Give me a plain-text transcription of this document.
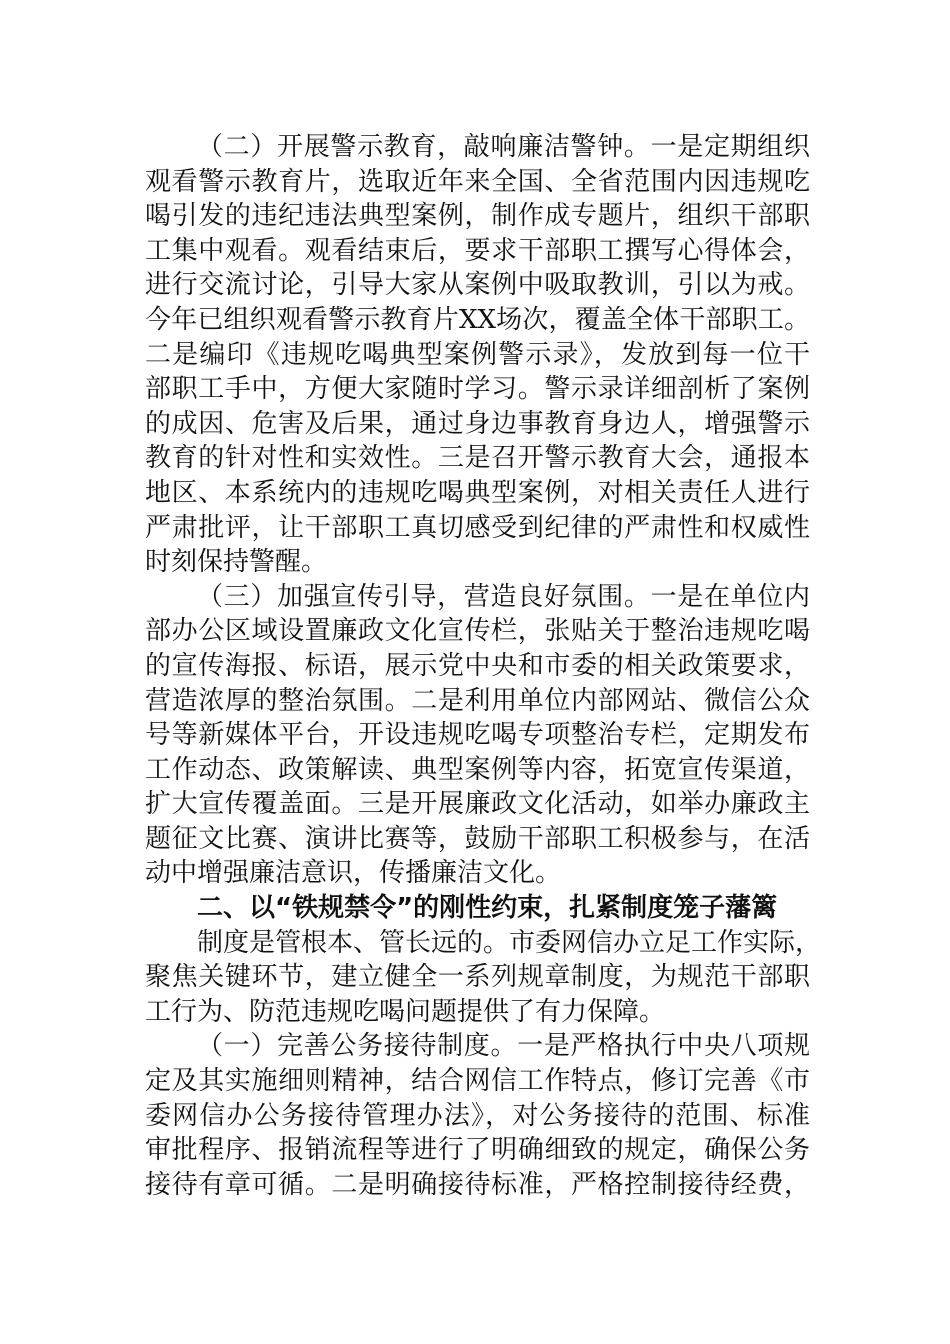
（二）开展警示教育，敲响廉洁警钟。一是定期组织
观看警示教育片，选取近年来全国、全省范围内因违规吃
喝引发的违纪违法典型案例，制作成专题片，组织干部职
工集中观看。观看结束后，要求干部职工撰写心得体会，
进行交流讨论，引导大家从案例中吸取教训，引以为戒。
今年已组织观看警示教育片XX场次，覆盖全体干部职工。
二是编印《违规吃喝典型案例警示录》，发放到每一位干
部职工手中，方便大家随时学习。警示录详细剖析了案例
的成因、危害及后果，通过身边事教育身边人，增强警示
教育的针对性和实效性。三是召开警示教育大会，通报本
地区、本系统内的违规吃喝典型案例，对相关责任人进行
严肃批评，让干部职工真切感受到纪律的严肃性和权威性
时刻保持警醒。
（三）加强宣传引导，营造良好氛围。一是在单位内
部办公区域设置廉政文化宣传栏，张贴关于整治违规吃喝
的宣传海报、标语，展示党中央和市委的相关政策要求，
营造浓厚的整治氛围。二是利用单位内部网站、微信公众
号等新媒体平台，开设违规吃喝专项整治专栏，定期发布
工作动态、政策解读、典型案例等内容，拓宽宣传渠道，
扩大宣传覆盖面。三是开展廉政文化活动，如举办廉政主
题征文比赛、演讲比赛等，鼓励干部职工积极参与，在活
动中增强廉洁意识，传播廉洁文化。
二、以“铁规禁令”的刚性约束，扎紧制度笼子藩篱
制度是管根本、管长远的。市委网信办立足工作实际，
聚焦关键环节，建立健全一系列规章制度，为规范干部职
工行为、防范违规吃喝问题提供了有力保障。
（一）完善公务接待制度。一是严格执行中央八项规
定及其实施细则精神，结合网信工作特点，修订完善《市
委网信办公务接待管理办法》，对公务接待的范围、标准
审批程序、报销流程等进行了明确细致的规定，确保公务
接待有章可循。二是明确接待标准，严格控制接待经费，
